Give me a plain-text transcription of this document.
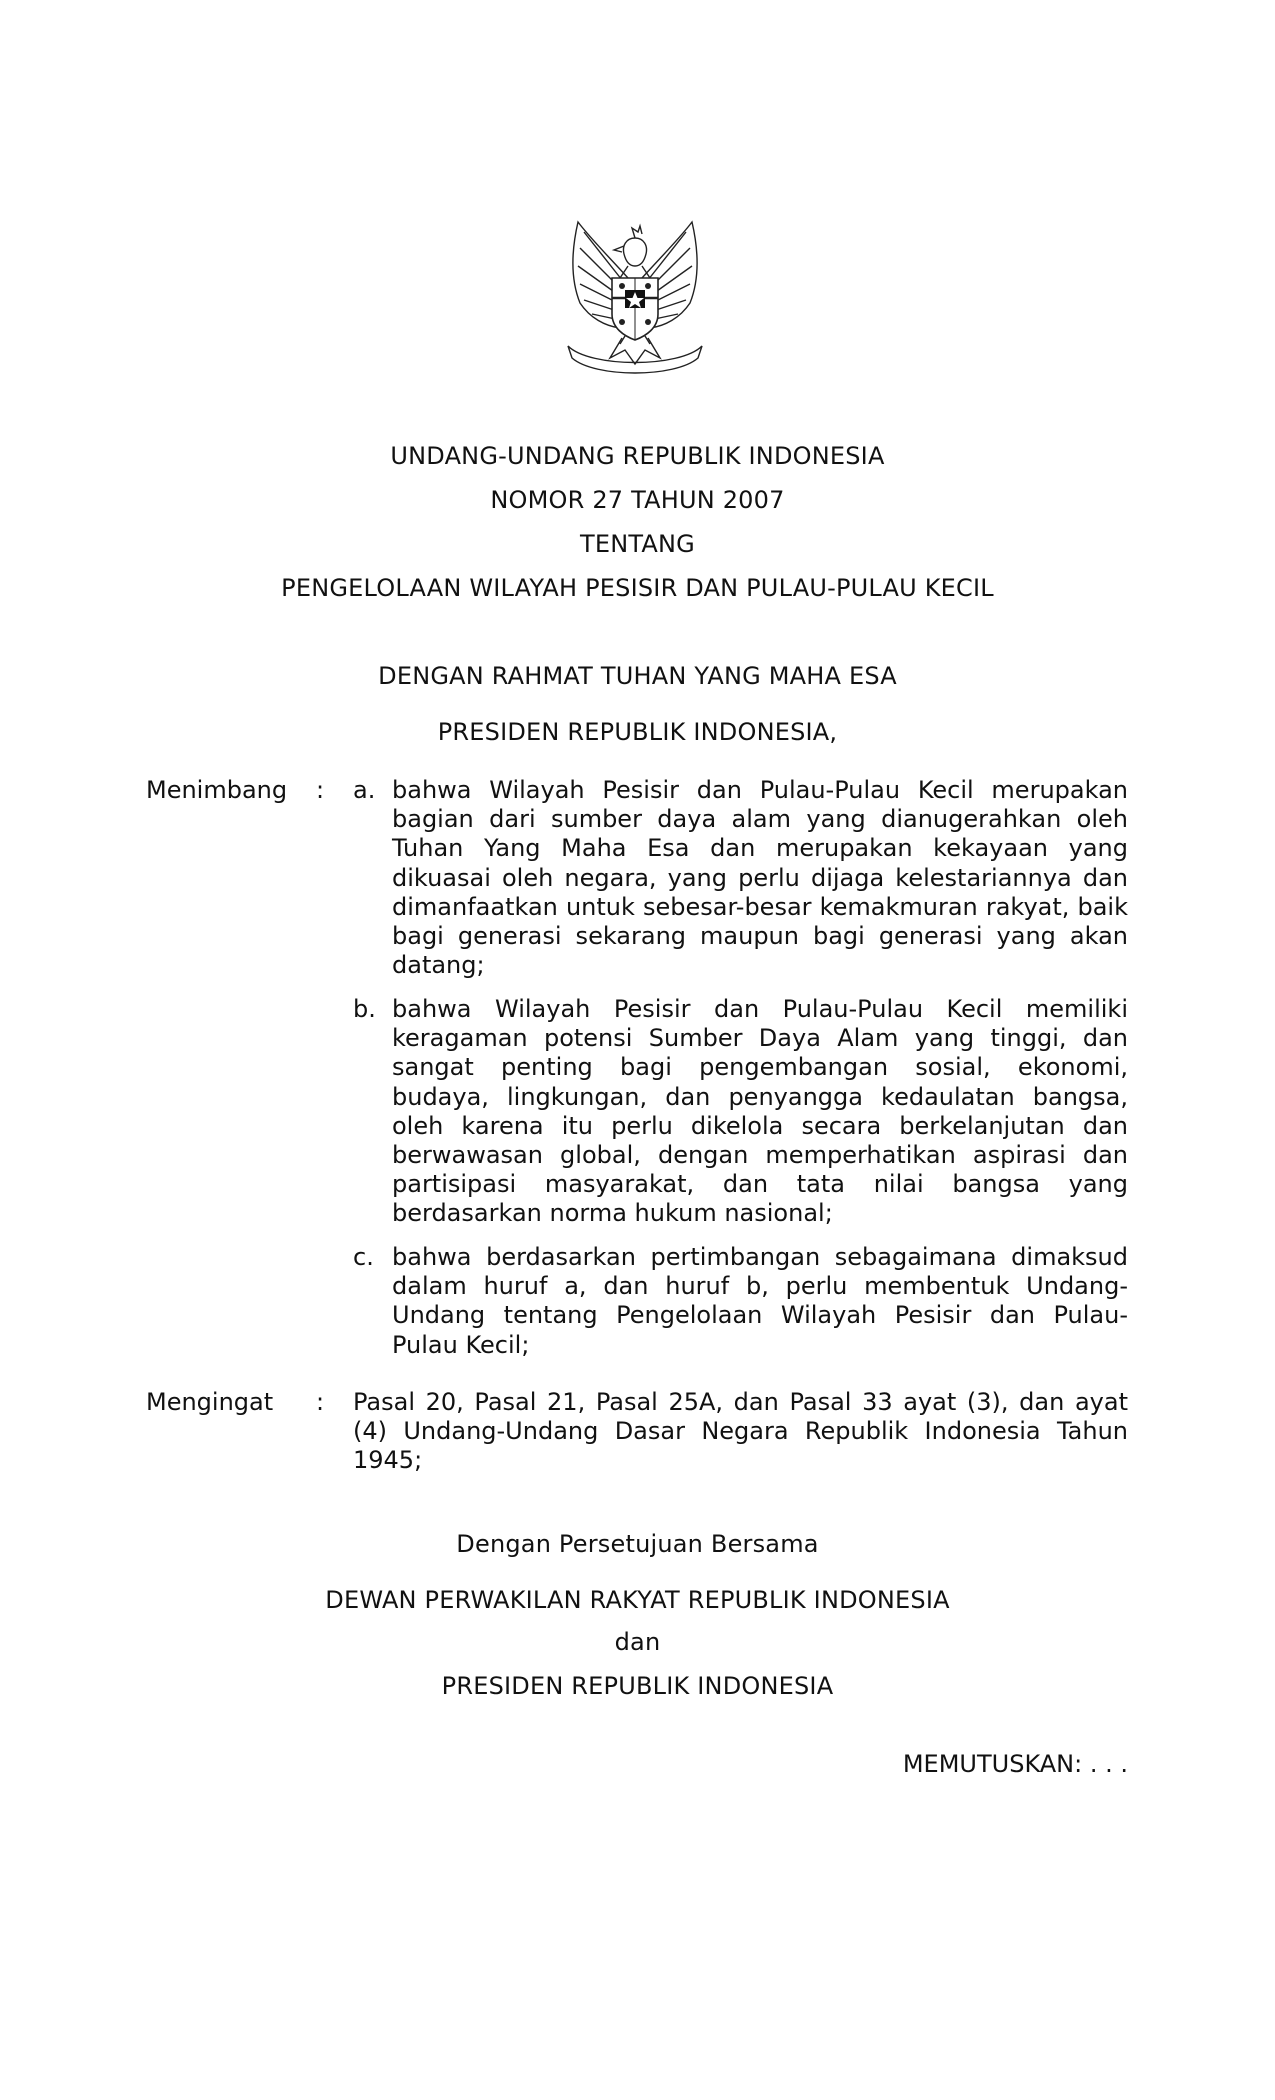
UNDANG-UNDANG REPUBLIK INDONESIA
NOMOR 27 TAHUN 2007
TENTANG
PENGELOLAAN WILAYAH PESISIR DAN PULAU-PULAU KECIL
DENGAN RAHMAT TUHAN YANG MAHA ESA
PRESIDEN REPUBLIK INDONESIA,
Menimbang : a. bahwa Wilayah Pesisir dan Pulau-Pulau Kecil merupakan bagian dari sumber daya alam yang dianugerahkan oleh Tuhan Yang Maha Esa dan merupakan kekayaan yang dikuasai oleh negara, yang perlu dijaga kelestariannya dan dimanfaatkan untuk sebesar-besar kemakmuran rakyat, baik bagi generasi sekarang maupun bagi generasi yang akan datang;
b. bahwa Wilayah Pesisir dan Pulau-Pulau Kecil memiliki keragaman potensi Sumber Daya Alam yang tinggi, dan sangat penting bagi pengembangan sosial, ekonomi, budaya, lingkungan, dan penyangga kedaulatan bangsa, oleh karena itu perlu dikelola secara berkelanjutan dan berwawasan global, dengan memperhatikan aspirasi dan partisipasi masyarakat, dan tata nilai bangsa yang berdasarkan norma hukum nasional;
c. bahwa berdasarkan pertimbangan sebagaimana dimaksud dalam huruf a, dan huruf b, perlu membentuk Undang-Undang tentang Pengelolaan Wilayah Pesisir dan Pulau-Pulau Kecil;
Mengingat : Pasal 20, Pasal 21, Pasal 25A, dan Pasal 33 ayat (3), dan ayat (4) Undang-Undang Dasar Negara Republik Indonesia Tahun 1945;
Dengan Persetujuan Bersama
DEWAN PERWAKILAN RAKYAT REPUBLIK INDONESIA
dan
PRESIDEN REPUBLIK INDONESIA
MEMUTUSKAN: . . .
